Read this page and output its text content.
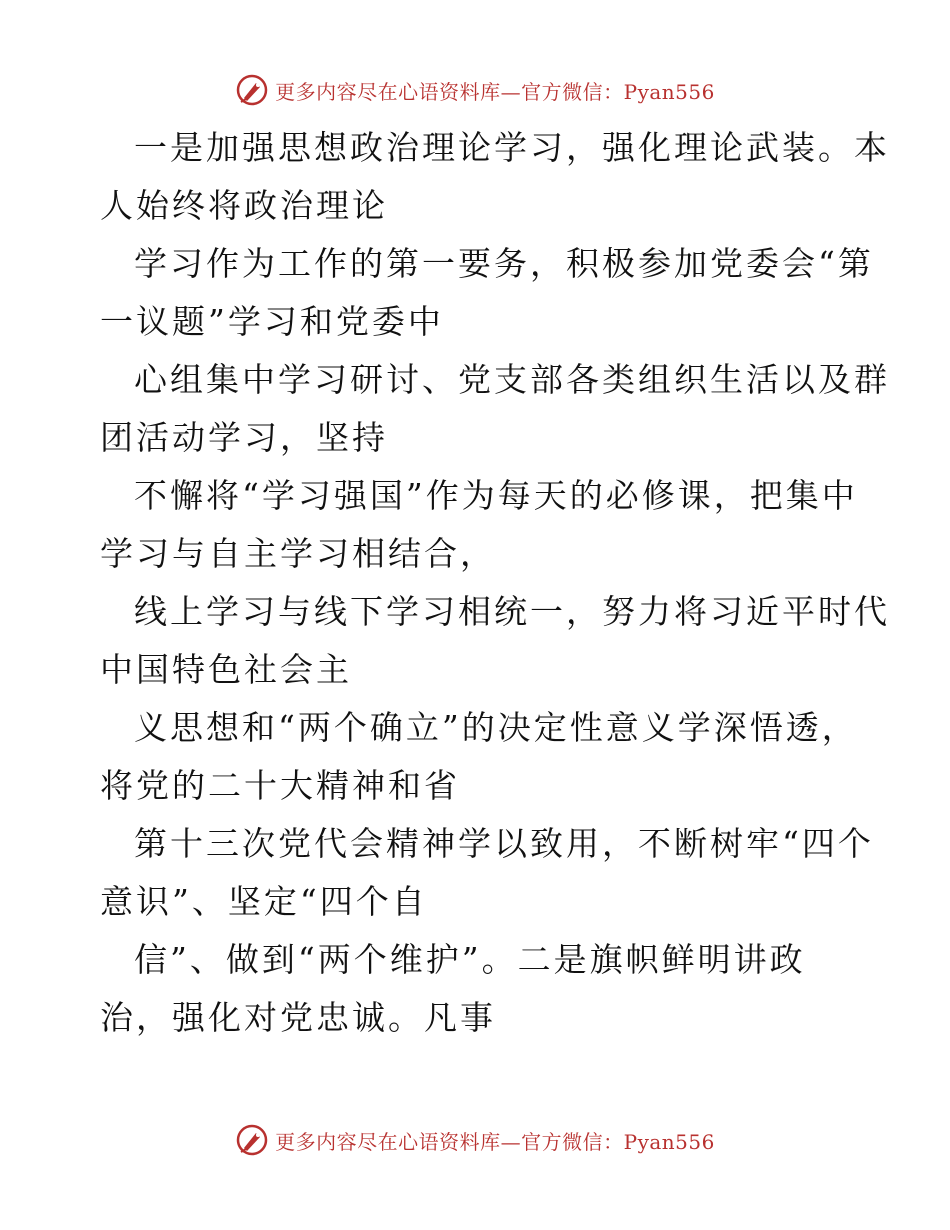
更多内容尽在心语资料库—官方微信：Pyan556
一是加强思想政治理论学习，强化理论武装。本
人始终将政治理论
学习作为工作的第一要务，积极参加党委会“第
一议题”学习和党委中
心组集中学习研讨、党支部各类组织生活以及群
团活动学习，坚持
不懈将“学习强国”作为每天的必修课，把集中
学习与自主学习相结合，
线上学习与线下学习相统一，努力将习近平时代
中国特色社会主
义思想和“两个确立”的决定性意义学深悟透，
将党的二十大精神和省
第十三次党代会精神学以致用，不断树牢“四个
意识”、坚定“四个自
信”、做到“两个维护”。二是旗帜鲜明讲政
治，强化对党忠诚。凡事
更多内容尽在心语资料库—官方微信：Pyan556
